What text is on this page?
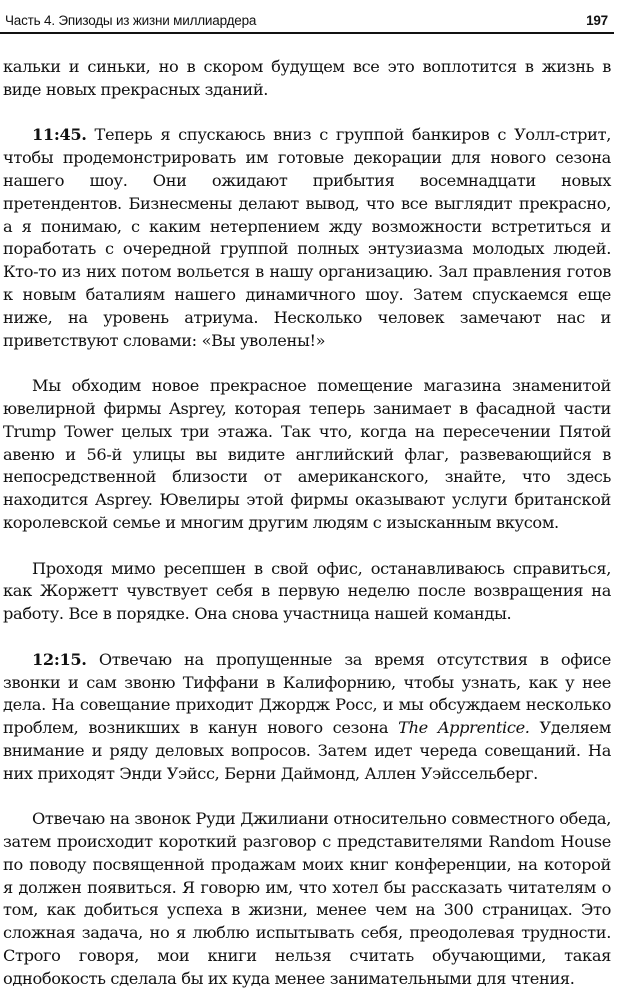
Часть 4. Эпизоды из жизни миллиардера	197

кальки и синьки, но в скором будущем все это воплотится в жизнь в виде новых прекрасных зданий.

11:45. Теперь я спускаюсь вниз с группой банкиров с Уолл-стрит, чтобы продемонстрировать им готовые декорации для нового сезона нашего шоу. Они ожидают прибытия восемнадцати новых претендентов. Бизнесмены делают вывод, что все выглядит прекрасно, а я понимаю, с каким нетерпением жду возможности встретиться и поработать с очередной группой полных энтузиазма молодых людей. Кто-то из них потом вольется в нашу организацию. Зал правления готов к новым баталиям нашего динамичного шоу. Затем спускаемся еще ниже, на уровень атриума. Несколько человек замечают нас и приветствуют словами: «Вы уволены!»

Мы обходим новое прекрасное помещение магазина знаменитой ювелирной фирмы Asprey, которая теперь занимает в фасадной части Trump Tower целых три этажа. Так что, когда на пересечении Пятой авеню и 56-й улицы вы видите английский флаг, развевающийся в непосредственной близости от американского, знайте, что здесь находится Asprey. Ювелиры этой фирмы оказывают услуги британской королевской семье и многим другим людям с изысканным вкусом.

Проходя мимо ресепшен в свой офис, останавливаюсь справиться, как Жоржетт чувствует себя в первую неделю после возвращения на работу. Все в порядке. Она снова участница нашей команды.

12:15. Отвечаю на пропущенные за время отсутствия в офисе звонки и сам звоню Тиффани в Калифорнию, чтобы узнать, как у нее дела. На совещание приходит Джордж Росс, и мы обсуждаем несколько проблем, возникших в канун нового сезона The Apprentice. Уделяем внимание и ряду деловых вопросов. Затем идет череда совещаний. На них приходят Энди Уэйсс, Берни Даймонд, Аллен Уэйссельберг.

Отвечаю на звонок Руди Джилиани относительно совместного обеда, затем происходит короткий разговор с представителями Random House по поводу посвященной продажам моих книг конференции, на которой я должен появиться. Я говорю им, что хотел бы рассказать читателям о том, как добиться успеха в жизни, менее чем на 300 страницах. Это сложная задача, но я люблю испытывать себя, преодолевая трудности. Строго говоря, мои книги нельзя считать обучающими, такая однобокость сделала бы их куда менее занимательными для чтения.
